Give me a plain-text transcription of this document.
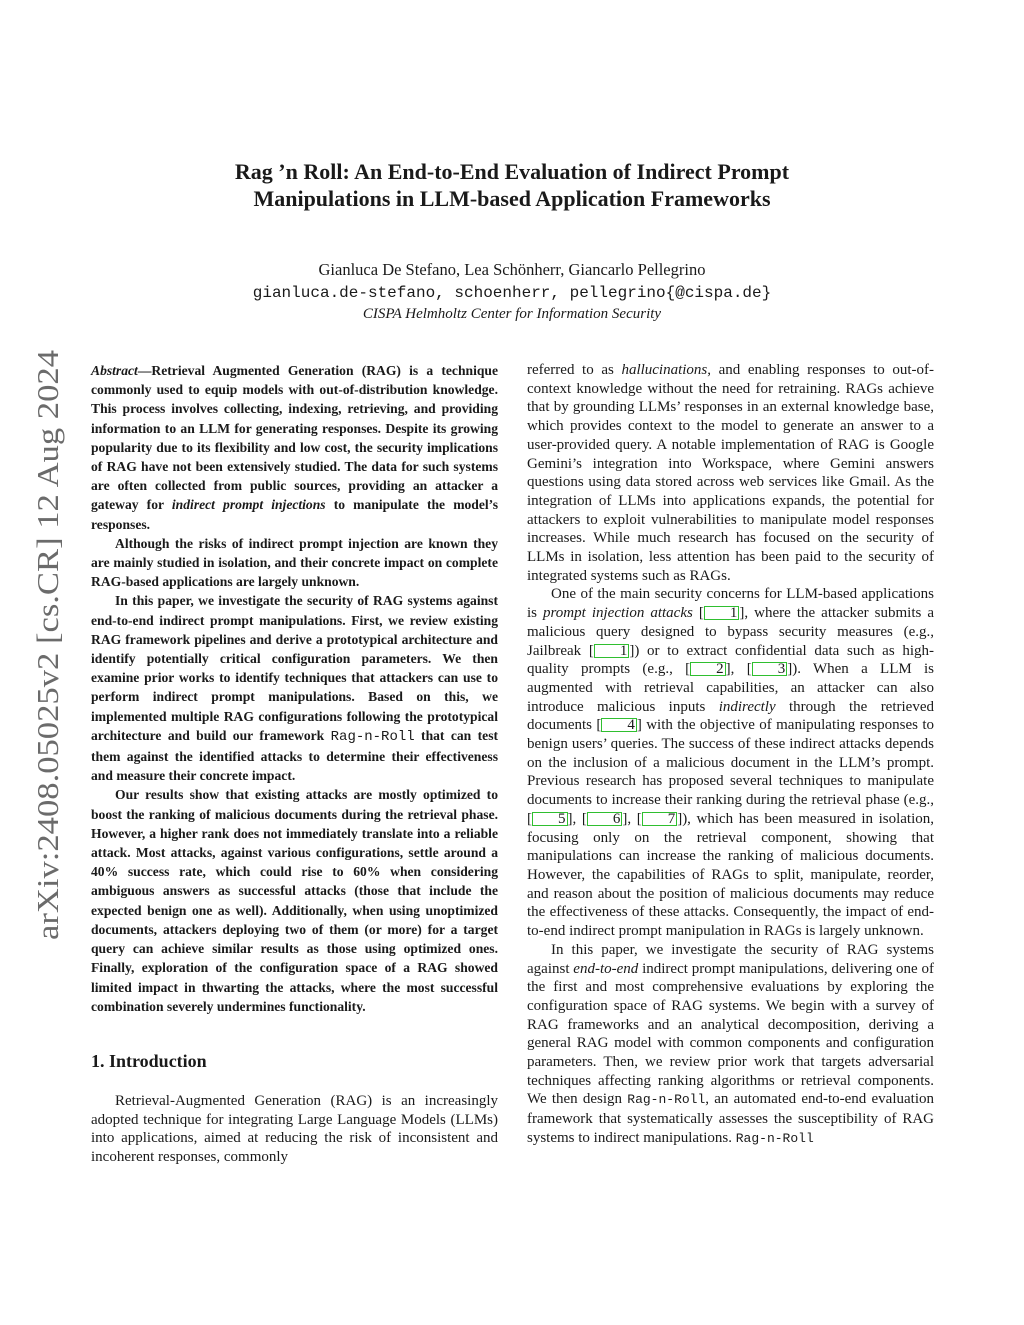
Rag ’n Roll: An End-to-End Evaluation of Indirect Prompt
Manipulations in LLM-based Application Frameworks
Gianluca De Stefano, Lea Schönherr, Giancarlo Pellegrino
gianluca.de-stefano, schoenherr, pellegrino{@cispa.de}
CISPA Helmholtz Center for Information Security
arXiv:2408.05025v2 [cs.CR] 12 Aug 2024

Abstract—Retrieval Augmented Generation (RAG) is a technique commonly used to equip models with out-of-distribution knowledge. This process involves collecting, indexing, retrieving, and providing information to an LLM for generating responses. Despite its growing popularity due to its flexibility and low cost, the security implications of RAG have not been extensively studied. The data for such systems are often collected from public sources, providing an attacker a gateway for indirect prompt injections to manipulate the model’s responses.

Although the risks of indirect prompt injection are known they are mainly studied in isolation, and their concrete impact on complete RAG-based applications are largely unknown.

In this paper, we investigate the security of RAG systems against end-to-end indirect prompt manipulations. First, we review existing RAG framework pipelines and derive a prototypical architecture and identify potentially critical configuration parameters. We then examine prior works to identify techniques that attackers can use to perform indirect prompt manipulations. Based on this, we implemented multiple RAG configurations following the prototypical architecture and build our framework Rag-n-Roll that can test them against the identified attacks to determine their effectiveness and measure their concrete impact.

Our results show that existing attacks are mostly optimized to boost the ranking of malicious documents during the retrieval phase. However, a higher rank does not immediately translate into a reliable attack. Most attacks, against various configurations, settle around a 40% success rate, which could rise to 60% when considering ambiguous answers as successful attacks (those that include the expected benign one as well). Additionally, when using unoptimized documents, attackers deploying two of them (or more) for a target query can achieve similar results as those using optimized ones. Finally, exploration of the configuration space of a RAG showed limited impact in thwarting the attacks, where the most successful combination severely undermines functionality.

1. Introduction

Retrieval-Augmented Generation (RAG) is an increasingly adopted technique for integrating Large Language Models (LLMs) into applications, aimed at reducing the risk of inconsistent and incoherent responses, commonly

referred to as hallucinations, and enabling responses to out-of-context knowledge without the need for retraining. RAGs achieve that by grounding LLMs’ responses in an external knowledge base, which provides context to the model to generate an answer to a user-provided query. A notable implementation of RAG is Google Gemini’s integration into Workspace, where Gemini answers questions using data stored across web services like Gmail. As the integration of LLMs into applications expands, the potential for attackers to exploit vulnerabilities to manipulate model responses increases. While much research has focused on the security of LLMs in isolation, less attention has been paid to the security of integrated systems such as RAGs.

One of the main security concerns for LLM-based applications is prompt injection attacks [ 1 ], where the attacker submits a malicious query designed to bypass security measures (e.g., Jailbreak [ 1 ]) or to extract confidential data such as high-quality prompts (e.g., [ 2 ], [ 3 ]). When a LLM is augmented with retrieval capabilities, an attacker can also introduce malicious inputs indirectly through the retrieved documents [ 4 ] with the objective of manipulating responses to benign users’ queries. The success of these indirect attacks depends on the inclusion of a malicious document in the LLM’s prompt. Previous research has proposed several techniques to manipulate documents to increase their ranking during the retrieval phase (e.g., [ 5 ], [ 6 ], [ 7 ]), which has been measured in isolation, focusing only on the retrieval component, showing that manipulations can increase the ranking of malicious documents. However, the capabilities of RAGs to split, manipulate, reorder, and reason about the position of malicious documents may reduce the effectiveness of these attacks. Consequently, the impact of end-to-end indirect prompt manipulation in RAGs is largely unknown.

In this paper, we investigate the security of RAG systems against end-to-end indirect prompt manipulations, delivering one of the first and most comprehensive evaluations by exploring the configuration space of RAG systems. We begin with a survey of RAG frameworks and an analytical decomposition, deriving a general RAG model with common components and configuration parameters. Then, we review prior work that targets adversarial techniques affecting ranking algorithms or retrieval components. We then design Rag-n-Roll, an automated end-to-end evaluation framework that systematically assesses the susceptibility of RAG systems to indirect manipulations. Rag-n-Roll
